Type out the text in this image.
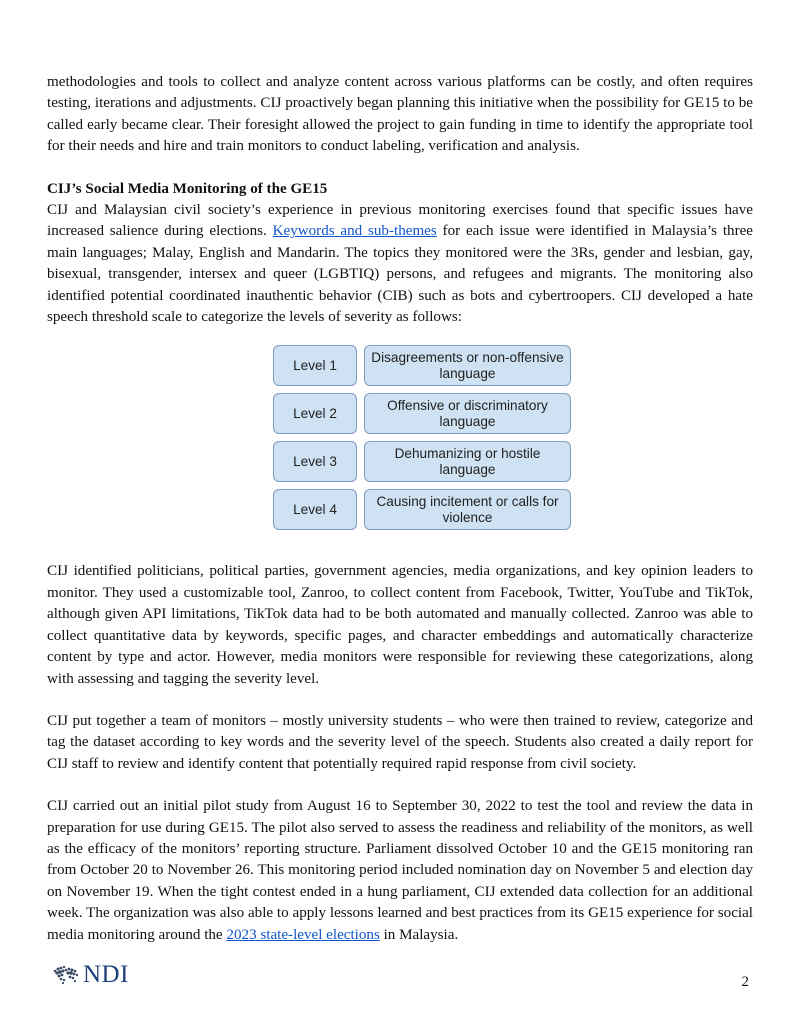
methodologies and tools to collect and analyze content across various platforms can be costly, and often requires testing, iterations and adjustments. CIJ proactively began planning this initiative when the possibility for GE15 to be called early became clear. Their foresight allowed the project to gain funding in time to identify the appropriate tool for their needs and hire and train monitors to conduct labeling, verification and analysis.

CIJ’s Social Media Monitoring of the GE15

CIJ and Malaysian civil society’s experience in previous monitoring exercises found that specific issues have increased salience during elections. Keywords and sub-themes for each issue were identified in Malaysia’s three main languages; Malay, English and Mandarin. The topics they monitored were the 3Rs, gender and lesbian, gay, bisexual, transgender, intersex and queer (LGBTIQ) persons, and refugees and migrants. The monitoring also identified potential coordinated inauthentic behavior (CIB) such as bots and cybertroopers. CIJ developed a hate speech threshold scale to categorize the levels of severity as follows:

Level 1
Disagreements or non-offensive language
Level 2
Offensive or discriminatory language
Level 3
Dehumanizing or hostile language
Level 4
Causing incitement or calls for violence

CIJ identified politicians, political parties, government agencies, media organizations, and key opinion leaders to monitor. They used a customizable tool, Zanroo, to collect content from Facebook, Twitter, YouTube and TikTok, although given API limitations, TikTok data had to be both automated and manually collected. Zanroo was able to collect quantitative data by keywords, specific pages, and character embeddings and automatically characterize content by type and actor. However, media monitors were responsible for reviewing these categorizations, along with assessing and tagging the severity level.

CIJ put together a team of monitors – mostly university students – who were then trained to review, categorize and tag the dataset according to key words and the severity level of the speech. Students also created a daily report for CIJ staff to review and identify content that potentially required rapid response from civil society.

CIJ carried out an initial pilot study from August 16 to September 30, 2022 to test the tool and review the data in preparation for use during GE15. The pilot also served to assess the readiness and reliability of the monitors, as well as the efficacy of the monitors’ reporting structure. Parliament dissolved October 10 and the GE15 monitoring ran from October 20 to November 26. This monitoring period included nomination day on November 5 and election day on November 19. When the tight contest ended in a hung parliament, CIJ extended data collection for an additional week. The organization was also able to apply lessons learned and best practices from its GE15 experience for social media monitoring around the 2023 state-level elections in Malaysia.

NDI	2
